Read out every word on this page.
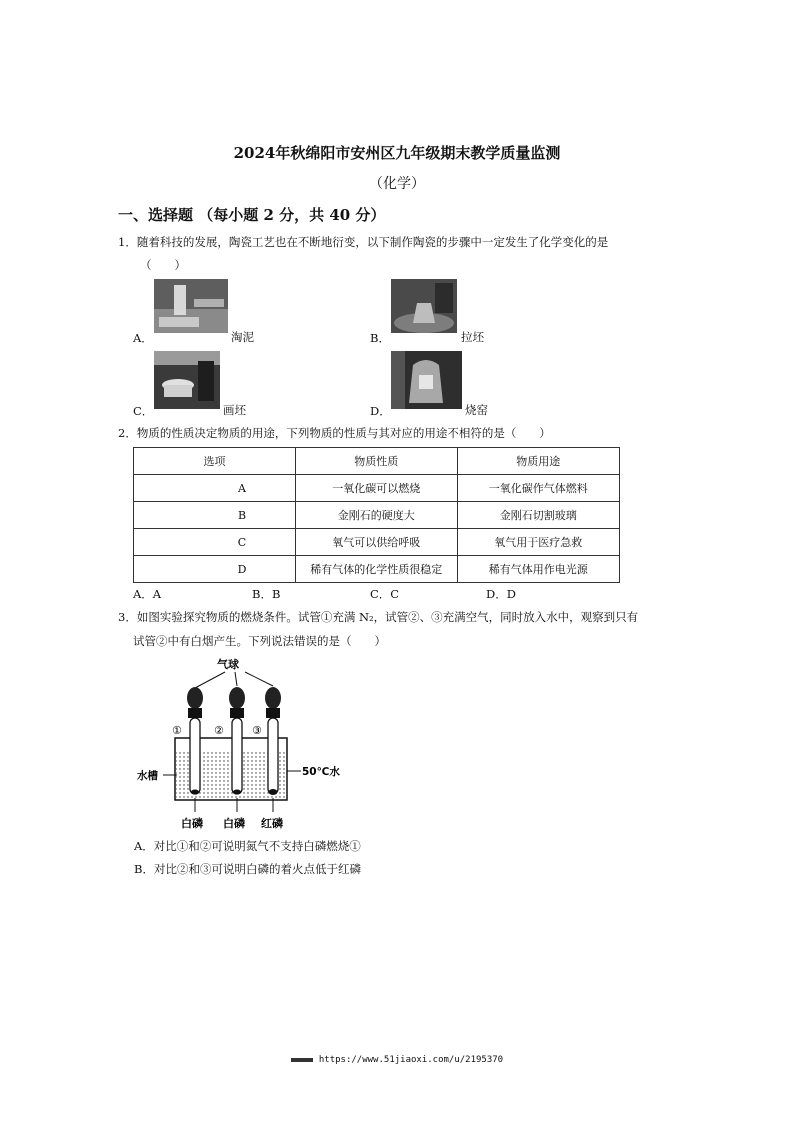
2024年秋绵阳市安州区九年级期末教学质量监测
（化学）
一、选择题 （每小题 2 分，共 40 分）
1．随着科技的发展，陶瓷工艺也在不断地衍变，以下制作陶瓷的步骤中一定发生了化学变化的是
（　　）
A．	淘泥	B．	拉坯
C．	画坯	D．	烧窑
2．物质的性质决定物质的用途，下列物质的性质与其对应的用途不相符的是（　　）
选项	物质性质	物质用途
A	一氧化碳可以燃烧	一氧化碳作气体燃料
B	金刚石的硬度大	金刚石切割玻璃
C	氧气可以供给呼吸	氧气用于医疗急救
D	稀有气体的化学性质很稳定	稀有气体用作电光源
A．A	B．B	C．C	D．D
3．如图实验探究物质的燃烧条件。试管①充满 N₂，试管②、③充满空气，同时放入水中，观察到只有
试管②中有白烟产生。下列说法错误的是（　　）
气球
①	②	③
水槽	50℃水
白磷 白磷 红磷
A．对比①和②可说明氮气不支持白磷燃烧①
B．对比②和③可说明白磷的着火点低于红磷
https://www.51jiaoxi.com/u/2195370
